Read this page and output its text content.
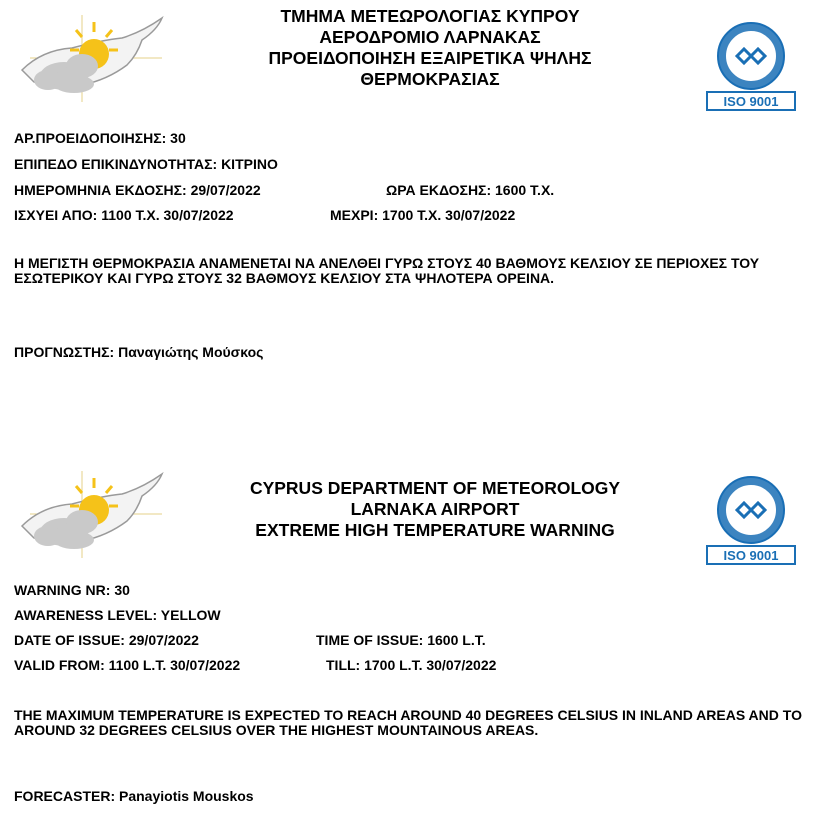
ΤΜΗΜΑ ΜΕΤΕΩΡΟΛΟΓΙΑΣ ΚΥΠΡΟΥ
ΑΕΡΟΔΡΟΜΙΟ ΛΑΡΝΑΚΑΣ
ΠΡΟΕΙΔΟΠΟΙΗΣΗ ΕΞΑΙΡΕΤΙΚΑ ΨΗΛΗΣ
ΘΕΡΜΟΚΡΑΣΙΑΣ
ISO 9001
ΑΡ.ΠΡΟΕΙΔΟΠΟΙΗΣΗΣ: 30
ΕΠΙΠΕΔΟ ΕΠΙΚΙΝΔΥΝΟΤΗΤΑΣ: ΚΙΤΡΙΝΟ
ΗΜΕΡΟΜΗΝΙΑ ΕΚΔΟΣΗΣ: 29/07/2022	ΩΡΑ ΕΚΔΟΣΗΣ: 1600 Τ.Χ.
ΙΣΧΥΕΙ ΑΠΟ: 1100 Τ.Χ. 30/07/2022	ΜΕΧΡΙ: 1700 Τ.Χ. 30/07/2022
Η ΜΕΓΙΣΤΗ ΘΕΡΜΟΚΡΑΣΙΑ ΑΝΑΜΕΝΕΤΑΙ ΝΑ ΑΝΕΛΘΕΙ ΓΥΡΩ ΣΤΟΥΣ 40 ΒΑΘΜΟΥΣ ΚΕΛΣΙΟΥ ΣΕ ΠΕΡΙΟΧΕΣ ΤΟΥ ΕΣΩΤΕΡΙΚΟΥ ΚΑΙ ΓΥΡΩ ΣΤΟΥΣ 32 ΒΑΘΜΟΥΣ ΚΕΛΣΙΟΥ ΣΤΑ ΨΗΛΟΤΕΡΑ ΟΡΕΙΝΑ.
ΠΡΟΓΝΩΣΤΗΣ: Παναγιώτης Μούσκος
CYPRUS DEPARTMENT OF METEOROLOGY
LARNAKA AIRPORT
EXTREME HIGH TEMPERATURE WARNING
ISO 9001
WARNING NR: 30
AWARENESS LEVEL: YELLOW
DATE OF ISSUE: 29/07/2022	TIME OF ISSUE: 1600 L.T.
VALID FROM: 1100 L.T. 30/07/2022	TILL: 1700 L.T. 30/07/2022
THE MAXIMUM TEMPERATURE IS EXPECTED TO REACH AROUND 40 DEGREES CELSIUS IN INLAND AREAS AND TO AROUND 32 DEGREES CELSIUS OVER THE HIGHEST MOUNTAINOUS AREAS.
FORECASTER: Panayiotis Mouskos
